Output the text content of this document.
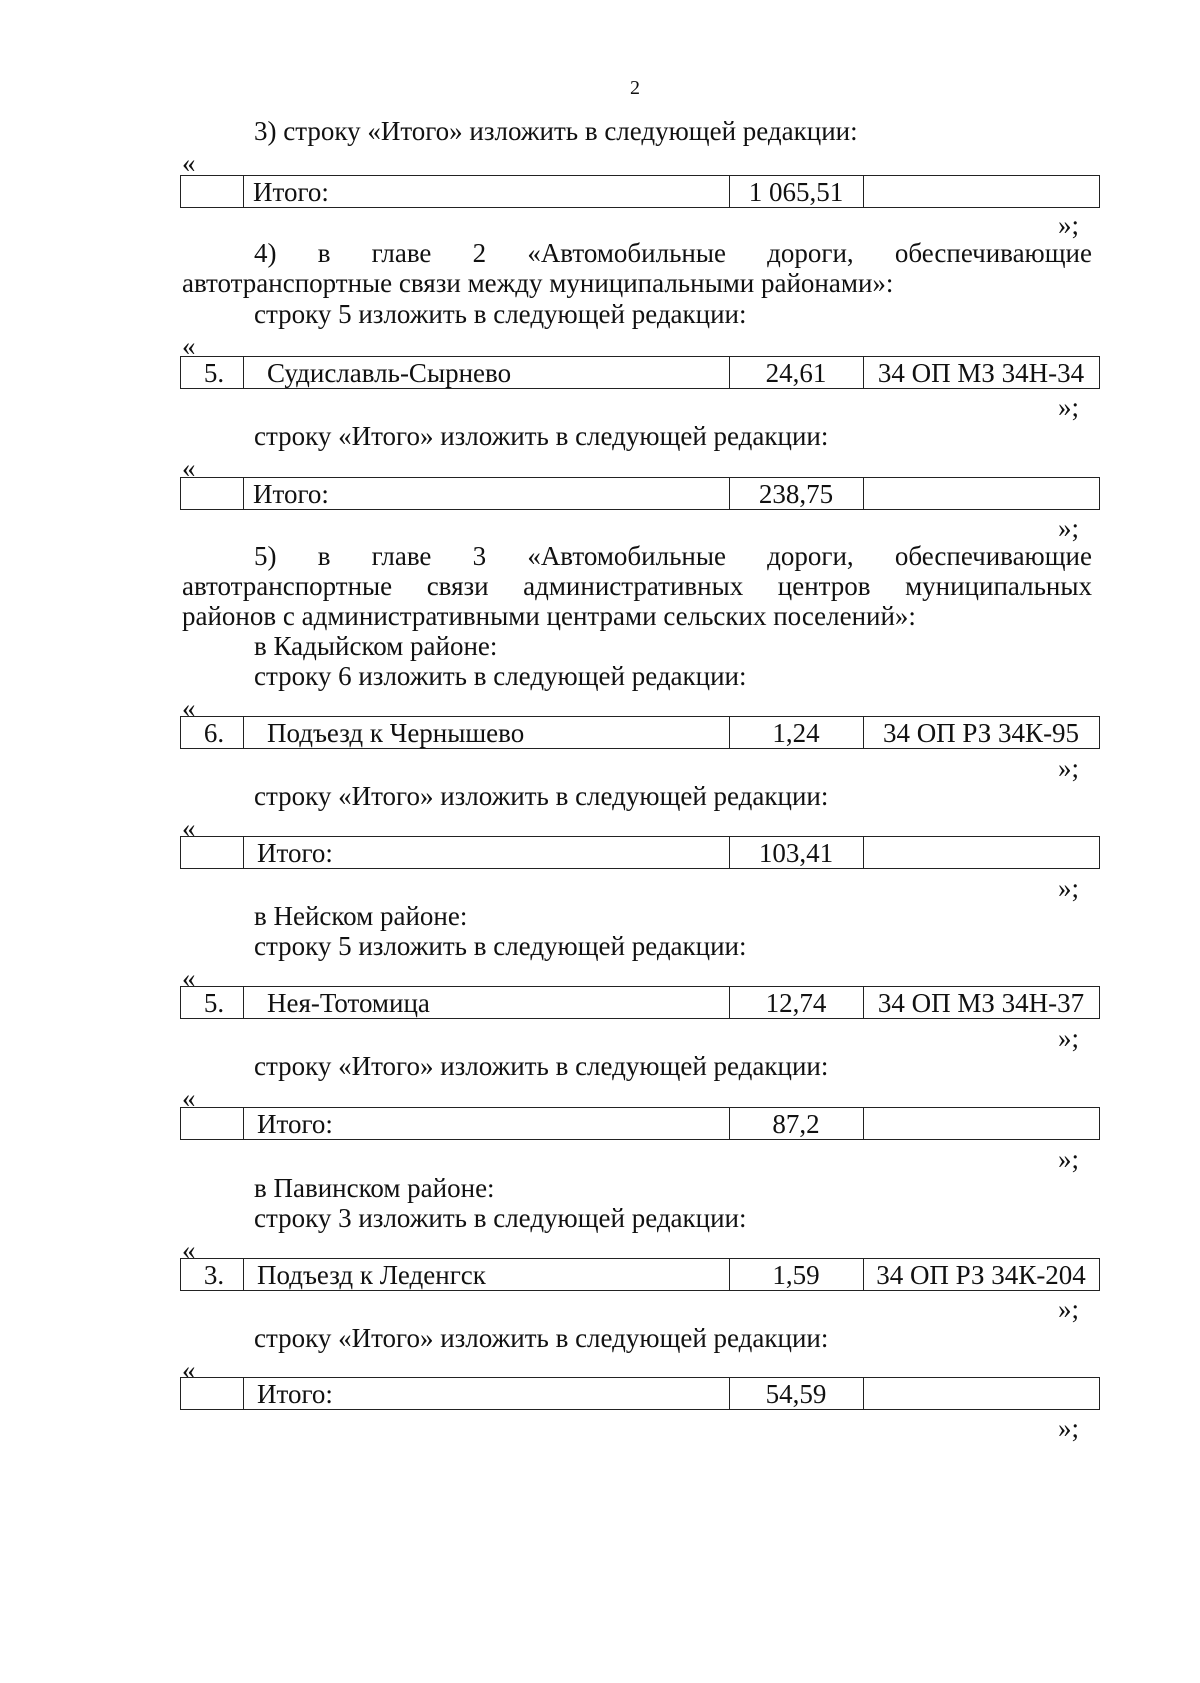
2
3) строку «Итого» изложить в следующей редакции:
«
Итого:	1 065,51
»;
4) в главе 2 «Автомобильные дороги, обеспечивающие
автотранспортные связи между муниципальными районами»:
строку 5 изложить в следующей редакции:
«
5.	Судиславль-Сырнево	24,61	34 ОП МЗ 34Н-34
»;
строку «Итого» изложить в следующей редакции:
«
Итого:	238,75
»;
5) в главе 3 «Автомобильные дороги, обеспечивающие
автотранспортные связи административных центров муниципальных
районов с административными центрами сельских поселений»:
в Кадыйском районе:
строку 6 изложить в следующей редакции:
«
6.	Подъезд к Чернышево	1,24	34 ОП РЗ 34К-95
»;
строку «Итого» изложить в следующей редакции:
«
Итого:	103,41
»;
в Нейском районе:
строку 5 изложить в следующей редакции:
«
5.	Нея-Тотомица	12,74	34 ОП МЗ 34Н-37
»;
строку «Итого» изложить в следующей редакции:
«
Итого:	87,2
»;
в Павинском районе:
строку 3 изложить в следующей редакции:
«
3.	Подъезд к Леденгск	1,59	34 ОП РЗ 34К-204
»;
строку «Итого» изложить в следующей редакции:
«
Итого:	54,59
»;
